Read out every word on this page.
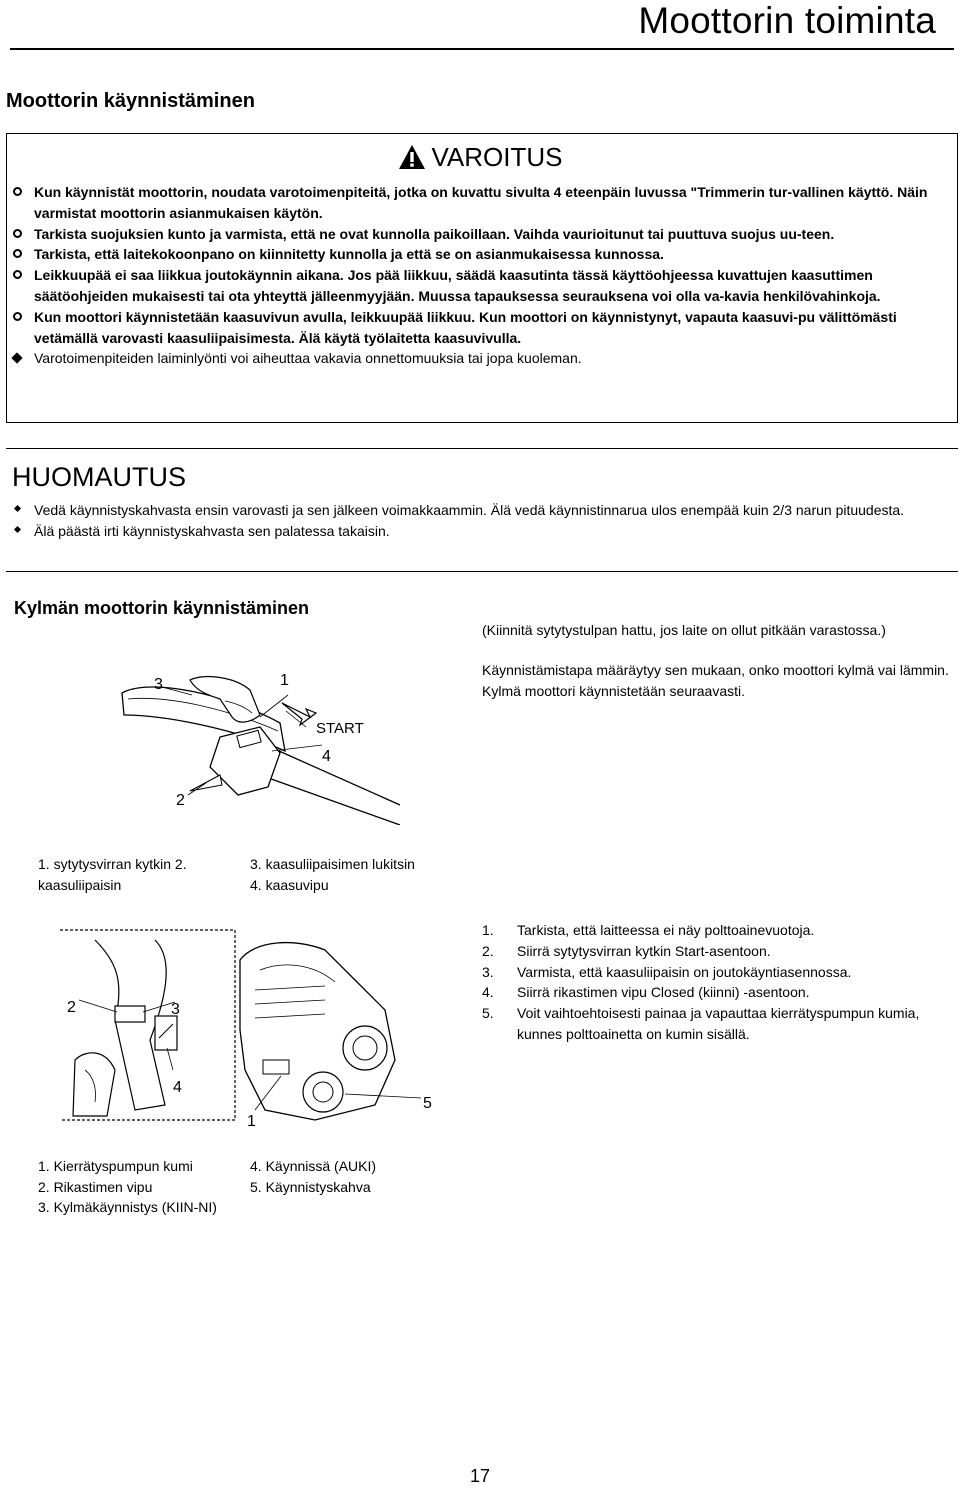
Moottorin toiminta
Moottorin käynnistäminen
VAROITUS
Kun käynnistät moottorin, noudata varotoimenpiteitä, jotka on kuvattu sivulta 4 eteenpäin luvussa "Trimmerin tur-vallinen käyttö. Näin varmistat moottorin asianmukaisen käytön.
Tarkista suojuksien kunto ja varmista, että ne ovat kunnolla paikoillaan. Vaihda vaurioitunut tai puuttuva suojus uu-teen.
Tarkista, että laitekokoonpano on kiinnitetty kunnolla ja että se on asianmukaisessa kunnossa.
Leikkuupää ei saa liikkua joutokäynnin aikana. Jos pää liikkuu, säädä kaasutinta tässä käyttöohjeessa kuvattujen kaasuttimen säätöohjeiden mukaisesti tai ota yhteyttä jälleenmyyjään. Muussa tapauksessa seurauksena voi olla va-kavia henkilövahinkoja.
Kun moottori käynnistetään kaasuvivun avulla, leikkuupää liikkuu. Kun moottori on käynnistynyt, vapauta kaasuvi-pu välittömästi vetämällä varovasti kaasuliipaisimesta. Älä käytä työlaitetta kaasuvivulla.
Varotoimenpiteiden laiminlyönti voi aiheuttaa vakavia onnettomuuksia tai jopa kuoleman.
HUOMAUTUS
Vedä käynnistyskahvasta ensin varovasti ja sen jälkeen voimakkaammin. Älä vedä käynnistinnarua ulos enempää kuin 2/3 narun pituudesta.
Älä päästä irti käynnistyskahvasta sen palatessa takaisin.
Kylmän moottorin käynnistäminen
(Kiinnitä sytytystulpan hattu, jos laite on ollut pitkään varastossa.)
Käynnistämistapa määräytyy sen mukaan, onko moottori kylmä vai lämmin. Kylmä moottori käynnistetään seuraavasti.
3	1
START
4
2
1. sytytysvirran kytkin 2. kaasuliipaisin
3. kaasuliipaisimen lukitsin
4. kaasuvipu
1. Tarkista, että laitteessa ei näy polttoainevuotoja.
2. Siirrä sytytysvirran kytkin Start-asentoon.
3. Varmista, että kaasuliipaisin on joutokäyntiasennossa.
4. Siirrä rikastimen vipu Closed (kiinni) -asentoon.
5. Voit vaihtoehtoisesti painaa ja vapauttaa kierrätyspumpun kumia, kunnes polttoainetta on kumin sisällä.
2	3
4
1
5
1. Kierrätyspumpun kumi
2. Rikastimen vipu
3. Kylmäkäynnistys (KIIN-NI)
4. Käynnissä (AUKI)
5. Käynnistyskahva
17
